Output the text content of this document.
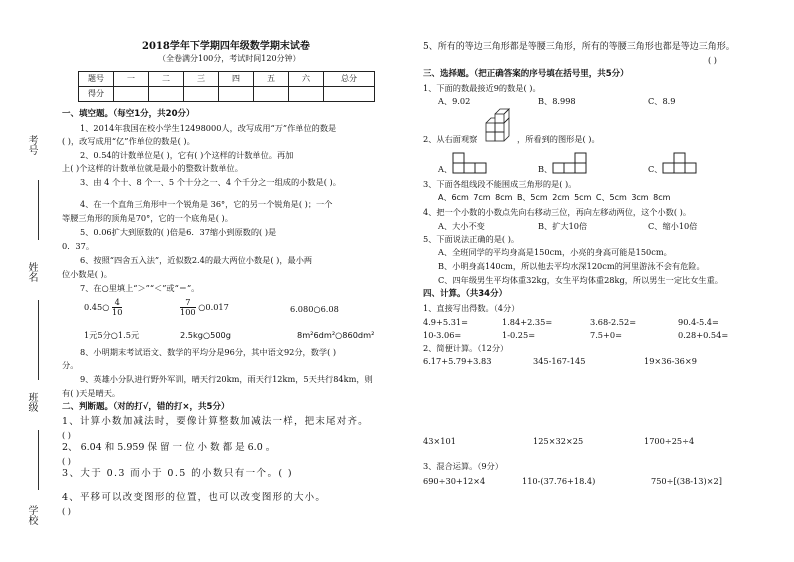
考号
姓名
班级
学校
2018学年下学期四年级数学期末试卷
（全卷满分100分，考试时间120分钟）
题号	一	二	三	四	五	六	总分
得分							
一、填空题。（每空1分，共20分）
1、2014年我国在校小学生12498000人，改写成用“万”作单位的数是
( )，改写成用“亿”作单位的数是( )。
2、0.54的计数单位是( )，它有( )个这样的计数单位。再加
上( )个这样的计数单位就是最小的整数计数单位。
3、由 4 个十、8 个一、5 个十分之一、4 个千分之一组成的小数是( )。
4、在一个直角三角形中一个锐角是 36°，它的另一个锐角是( )；一个
等腰三角形的顶角是70°，它的一个底角是( )。
5、0.06扩大到原数的( )倍是6．37缩小到原数的( )是
0．37。
6、按照“四舍五入法”，近似数2.4的最大两位小数是( )，最小两
位小数是( )。
7、在○里填上“＞”“＜”或“＝”。
0.45○ $\frac{4}{10}$	$\frac{7}{100}$ ○0.017	6.080○6.08
1元5分○1.5元	2.5kg○500g	8m²6dm²○860dm²
8、小明期末考试语文、数学的平均分是96分，其中语文92分，数学( )
分。
9、英雄小分队进行野外军训，晴天行20km，雨天行12km，5天共行84km，则
有( )天是晴天。
二、判断题。（对的打√，错的打×，共5分）
1、计算小数加减法时，要像计算整数加减法一样，把末尾对齐。
( )
2、 6.04 和 5.959 保 留 一 位 小 数 都 是 6.0 。
( )
3、大于 0.3 而小于 0.5 的小数只有一个。( )
4、平移可以改变图形的位置，也可以改变图形的大小。
( )
5、所有的等边三角形都是等腰三角形，所有的等腰三角形也都是等边三角形。
( )
三、选择题。（把正确答案的序号填在括号里，共5分）
1、下面的数最接近9的数是( )。
A、9.02	B、8.998	C、8.9
2、从右面观察	，所看到的图形是( )。
A、	B、	C、
3、下面各组线段不能围成三角形的是( )。
A、6cm 7cm 8cm B、5cm 2cm 5cm C、5cm 3cm 8cm
4、把一个小数的小数点先向右移动三位，再向左移动两位，这个小数( )。
A、大小不变	B、扩大10倍	C、缩小10倍
5、下面说法正确的是( )。
A、全班同学的平均身高是150cm，小亮的身高可能是150cm。
B、小明身高140cm，所以他去平均水深120cm的河里游泳不会有危险。
C、四年级男生平均体重32kg，女生平均体重28kg，所以男生一定比女生重。
四、计算。（共34分）
1、直接写出得数。（4分）
4.9+5.31=	1.84+2.35=	3.68-2.52=	90.4-5.4=
10-3.06=	1-0.25=	7.5+0=	0.28+0.54=
2、简便计算。（12分）
6.17+5.79+3.83	345-167-145	19×36-36×9
43×101	125×32×25	1700÷25÷4
3、混合运算。（9分）
690÷30+12×4	110-(37.76+18.4)	750÷[(38-13)×2]
